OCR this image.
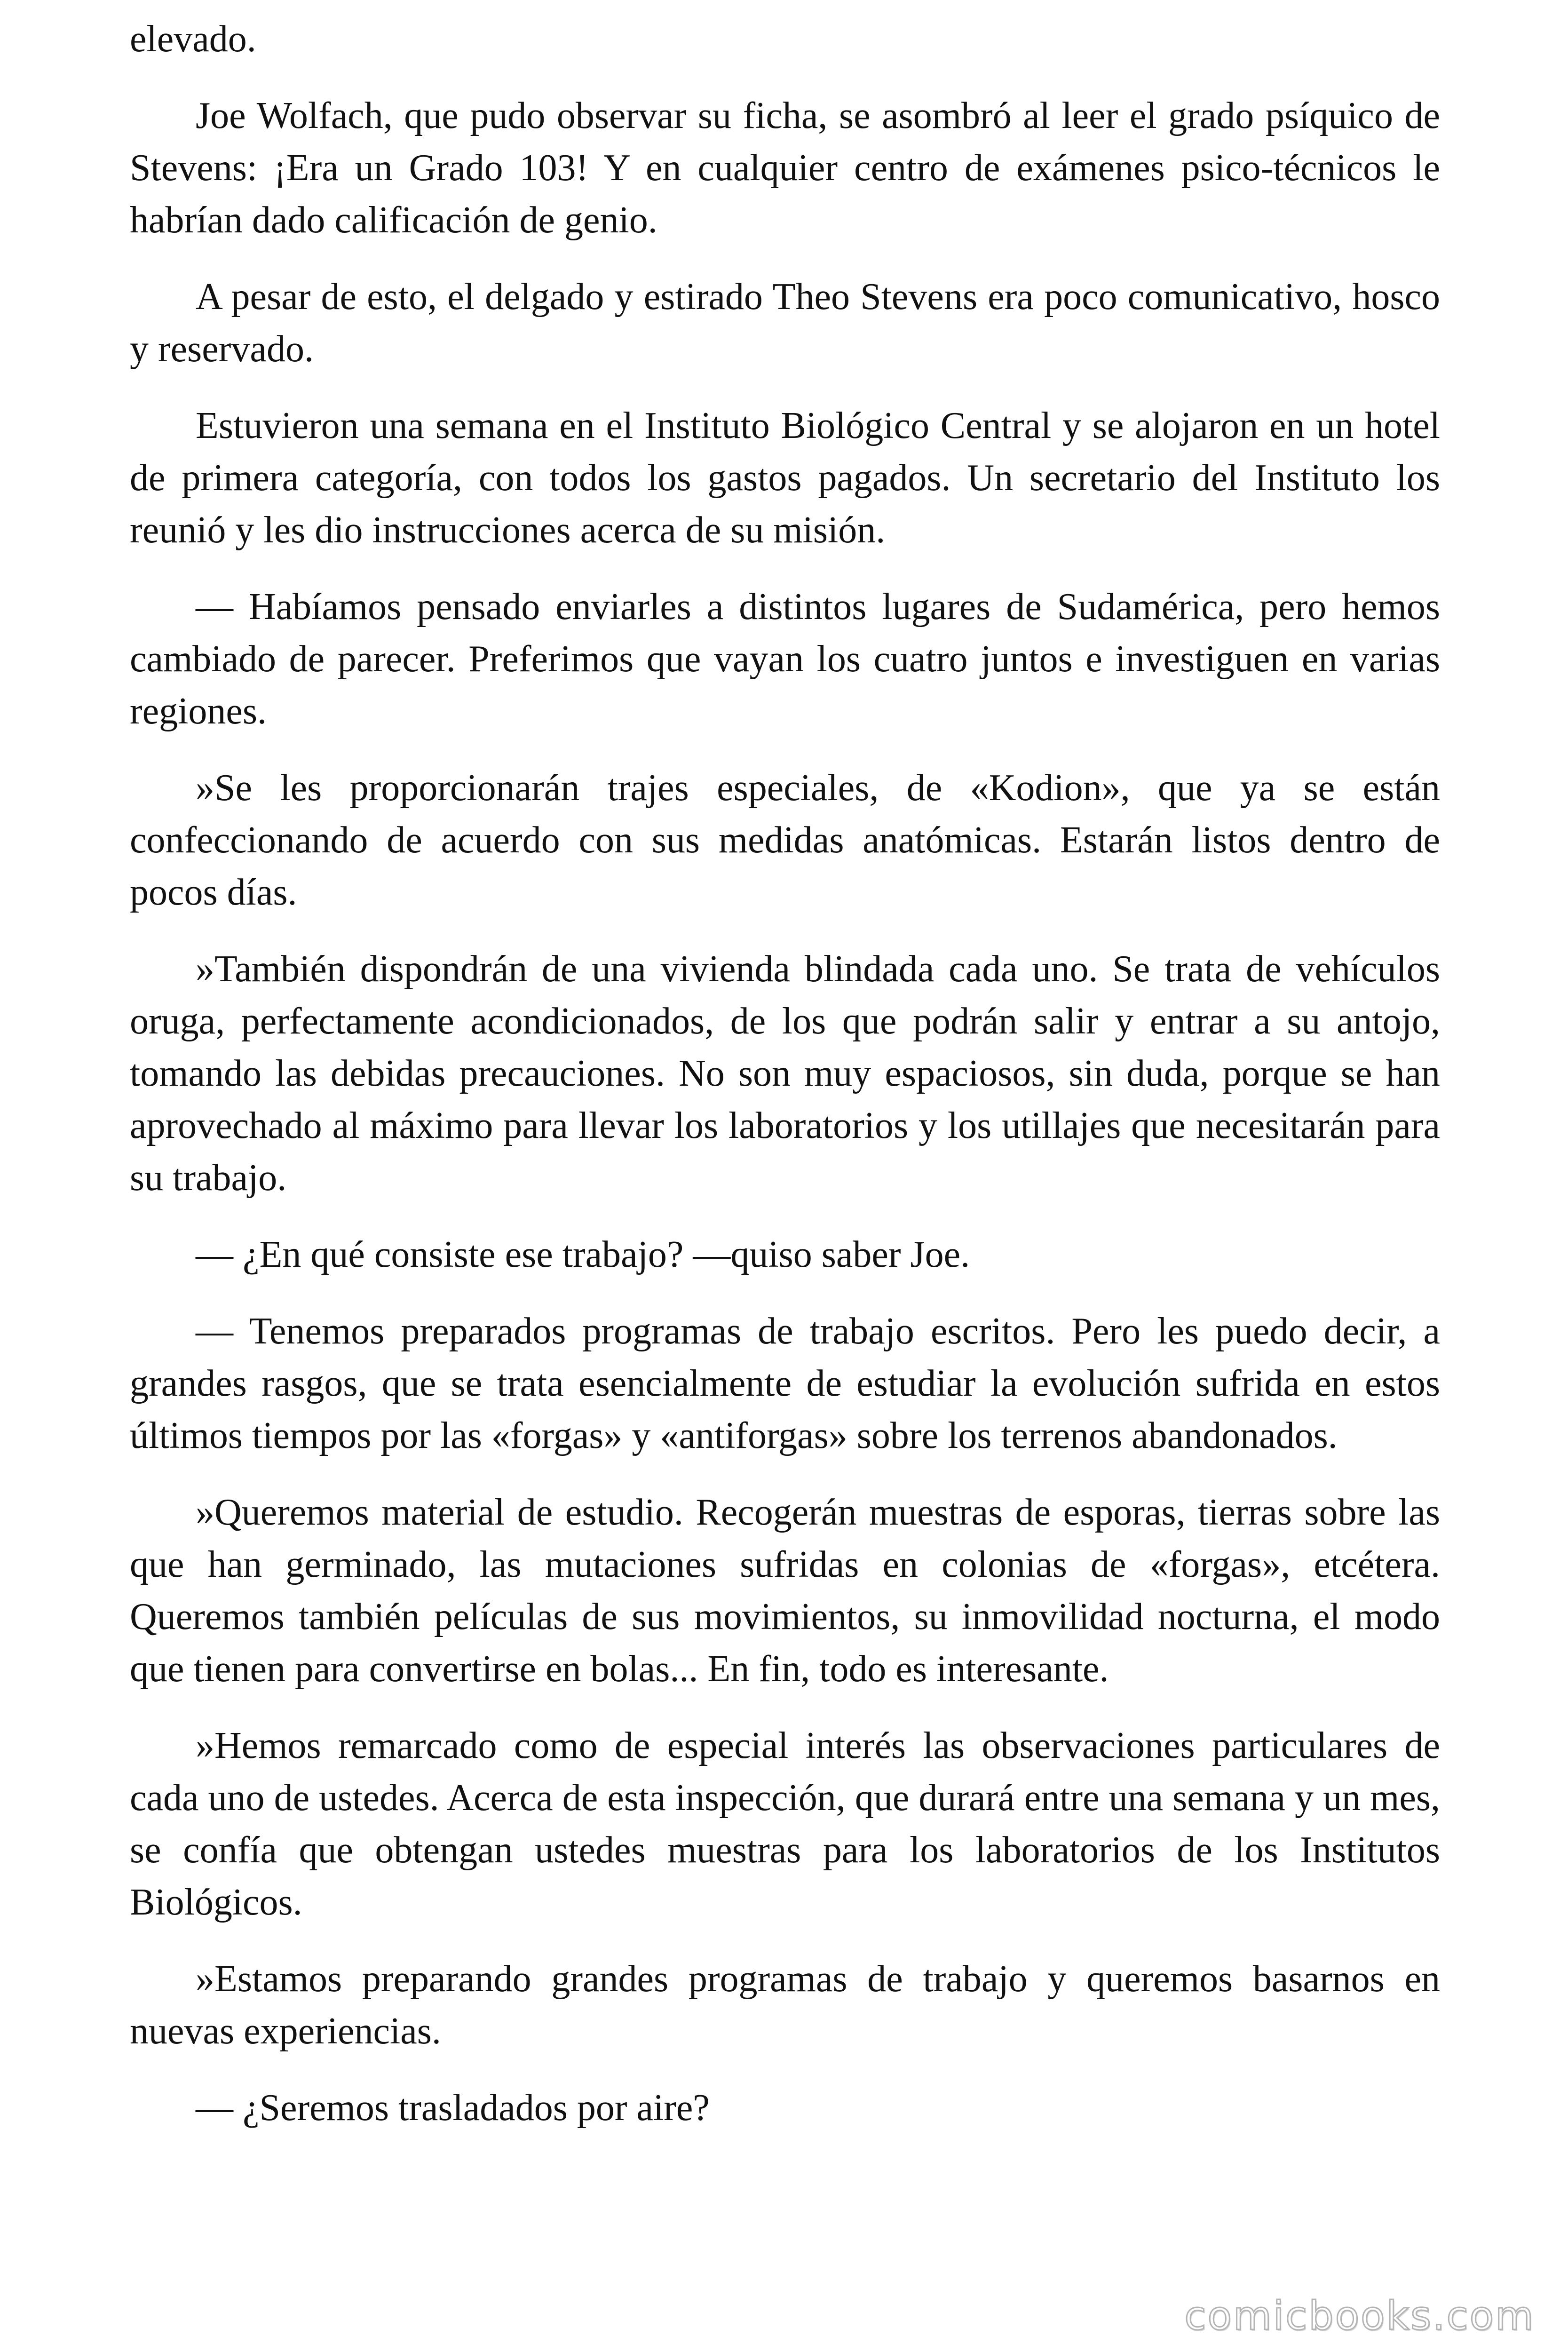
elevado.

Joe Wolfach, que pudo observar su ficha, se asombró al leer el grado psíquico de Stevens: ¡Era un Grado 103! Y en cualquier centro de exámenes psico-técnicos le habrían dado calificación de genio.

A pesar de esto, el delgado y estirado Theo Stevens era poco comunicativo, hosco y reservado.

Estuvieron una semana en el Instituto Biológico Central y se alojaron en un hotel de primera categoría, con todos los gastos pagados. Un secretario del Instituto los reunió y les dio instrucciones acerca de su misión.

— Habíamos pensado enviarles a distintos lugares de Sudamérica, pero hemos cambiado de parecer. Preferimos que vayan los cuatro juntos e investiguen en varias regiones.

»Se les proporcionarán trajes especiales, de «Kodion», que ya se están confeccionando de acuerdo con sus medidas anatómicas. Estarán listos dentro de pocos días.

»También dispondrán de una vivienda blindada cada uno. Se trata de vehículos oruga, perfectamente acondicionados, de los que podrán salir y entrar a su antojo, tomando las debidas precauciones. No son muy espaciosos, sin duda, porque se han aprovechado al máximo para llevar los laboratorios y los utillajes que necesitarán para su trabajo.

— ¿En qué consiste ese trabajo? —quiso saber Joe.

— Tenemos preparados programas de trabajo escritos. Pero les puedo decir, a grandes rasgos, que se trata esencialmente de estudiar la evolución sufrida en estos últimos tiempos por las «forgas» y «antiforgas» sobre los terrenos abandonados.

»Queremos material de estudio. Recogerán muestras de esporas, tierras sobre las que han germinado, las mutaciones sufridas en colonias de «forgas», etcétera. Queremos también películas de sus movimientos, su inmovilidad nocturna, el modo que tienen para convertirse en bolas... En fin, todo es interesante.

»Hemos remarcado como de especial interés las observaciones particulares de cada uno de ustedes. Acerca de esta inspección, que durará entre una semana y un mes, se confía que obtengan ustedes muestras para los laboratorios de los Institutos Biológicos.

»Estamos preparando grandes programas de trabajo y queremos basarnos en nuevas experiencias.

— ¿Seremos trasladados por aire?

comicbooks.com
